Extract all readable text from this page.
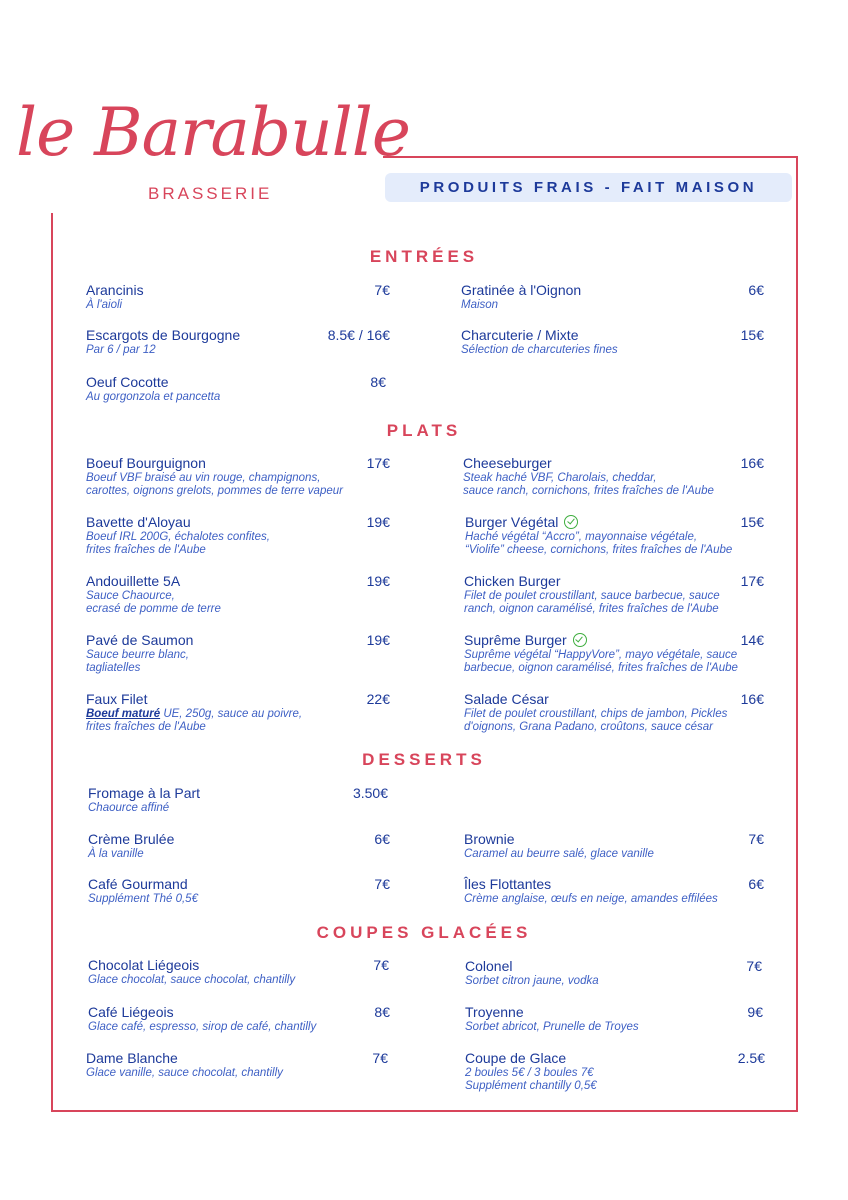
le Barabulle
BRASSERIE	PRODUITS FRAIS - FAIT MAISON
ENTRÉES
Arancinis	7€
À l'aioli
Gratinée à l'Oignon	6€
Maison
Escargots de Bourgogne	8.5€ / 16€
Par 6 / par 12
Charcuterie / Mixte	15€
Sélection de charcuteries fines
Oeuf Cocotte	8€
Au gorgonzola et pancetta
PLATS
Boeuf Bourguignon	17€
Boeuf VBF braisé au vin rouge, champignons,
carottes, oignons grelots, pommes de terre vapeur
Cheeseburger	16€
Steak haché VBF, Charolais, cheddar,
sauce ranch, cornichons, frites fraîches de l'Aube
Bavette d'Aloyau	19€
Boeuf IRL 200G, échalotes confites,
frites fraîches de l'Aube
Burger Végétal	15€
Haché végétal “Accro”, mayonnaise végétale,
“Violife” cheese, cornichons, frites fraîches de l'Aube
Andouillette 5A	19€
Sauce Chaource,
ecrasé de pomme de terre
Chicken Burger	17€
Filet de poulet croustillant, sauce barbecue, sauce
ranch, oignon caramélisé, frites fraîches de l'Aube
Pavé de Saumon	19€
Sauce beurre blanc,
tagliatelles
Suprême Burger	14€
Suprême végétal “HappyVore”, mayo végétale, sauce
barbecue, oignon caramélisé, frites fraîches de l'Aube
Faux Filet	22€
Boeuf maturé UE, 250g, sauce au poivre,
frites fraîches de l'Aube
Salade César	16€
Filet de poulet croustillant, chips de jambon, Pickles
d'oignons, Grana Padano, croûtons, sauce césar
DESSERTS
Fromage à la Part	3.50€
Chaource affiné
Crème Brulée	6€
À la vanille
Brownie	7€
Caramel au beurre salé, glace vanille
Café Gourmand	7€
Supplément Thé 0,5€
Îles Flottantes	6€
Crème anglaise, œufs en neige, amandes effilées
COUPES GLACÉES
Chocolat Liégeois	7€
Glace chocolat, sauce chocolat, chantilly
Colonel	7€
Sorbet citron jaune, vodka
Café Liégeois	8€
Glace café, espresso, sirop de café, chantilly
Troyenne	9€
Sorbet abricot, Prunelle de Troyes
Dame Blanche	7€
Glace vanille, sauce chocolat, chantilly
Coupe de Glace	2.5€
2 boules 5€ / 3 boules 7€
Supplément chantilly 0,5€
